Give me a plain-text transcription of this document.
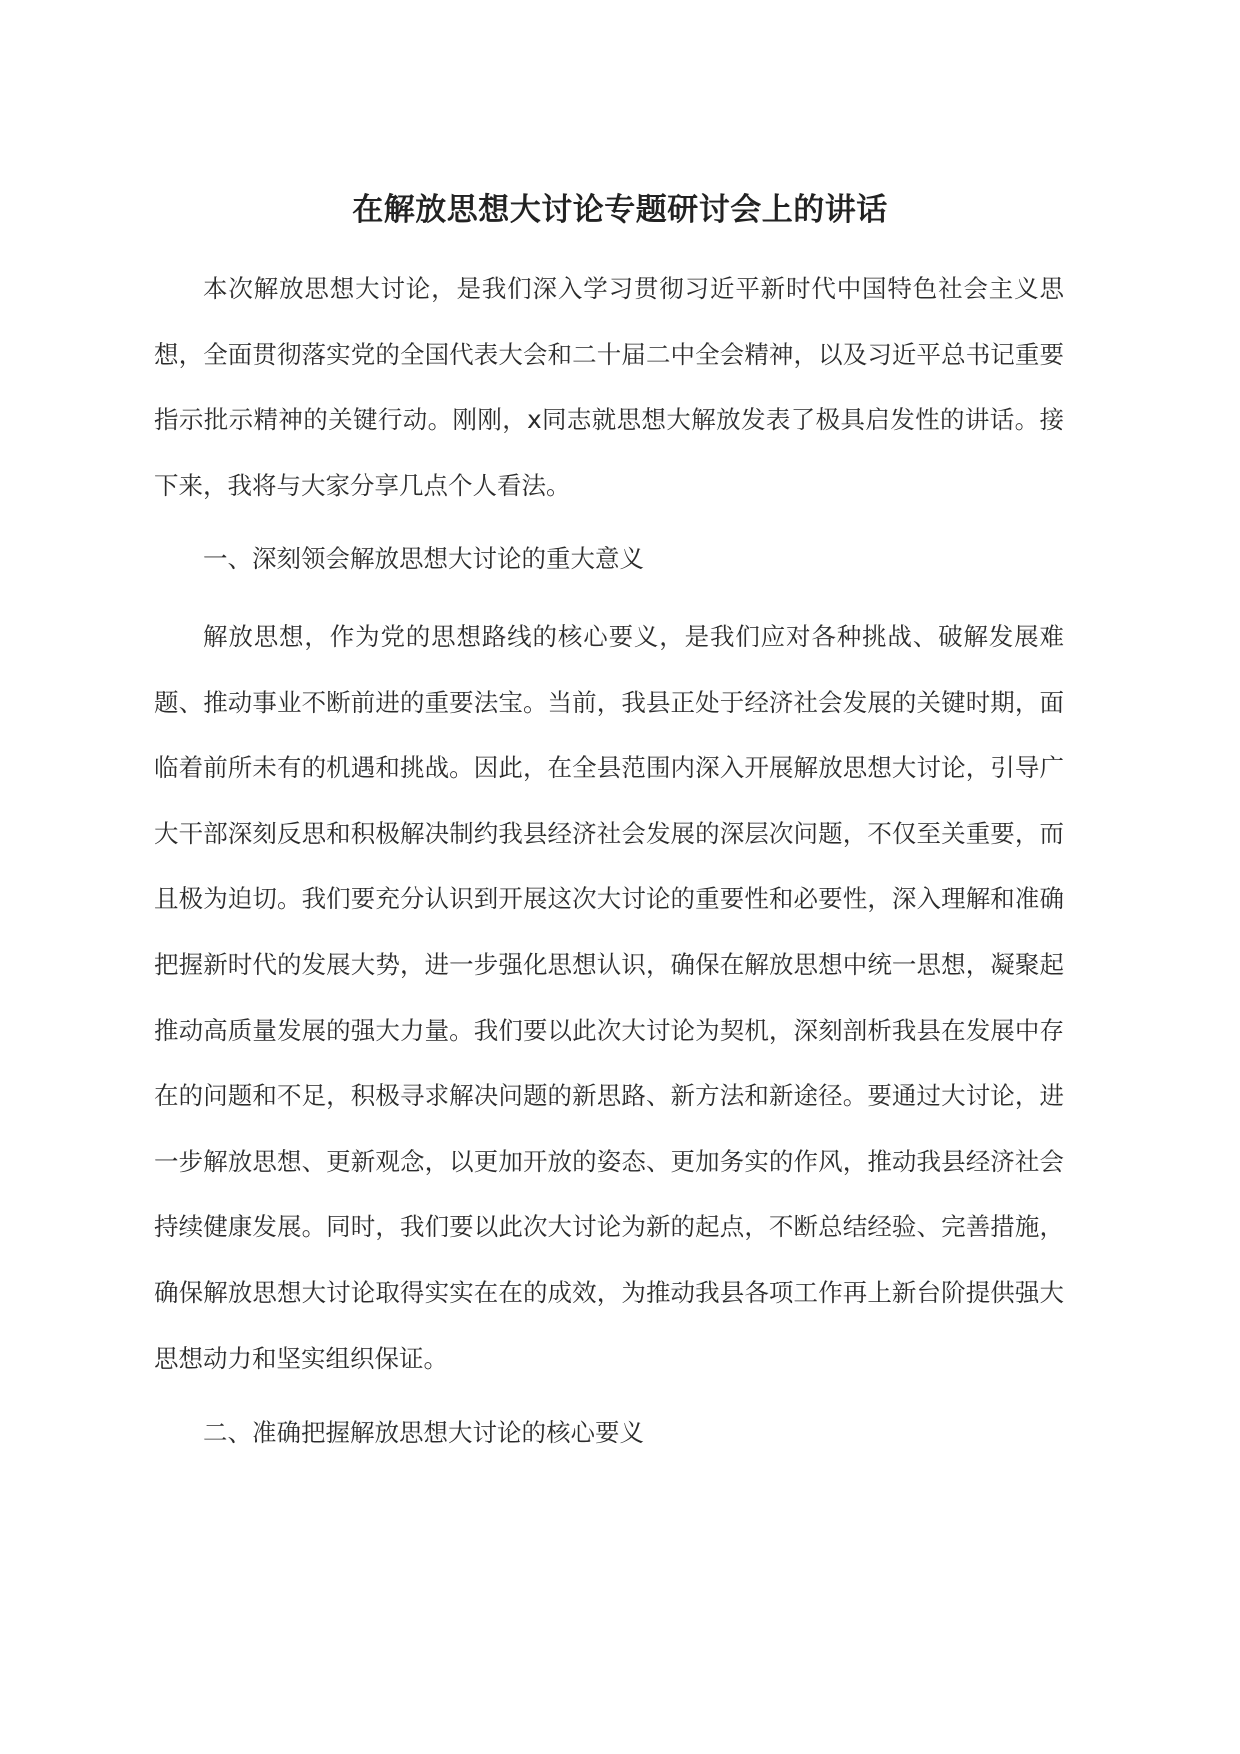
在解放思想大讨论专题研讨会上的讲话

本次解放思想大讨论，是我们深入学习贯彻习近平新时代中国特色社会主义思想，全面贯彻落实党的全国代表大会和二十届二中全会精神，以及习近平总书记重要指示批示精神的关键行动。刚刚，x同志就思想大解放发表了极具启发性的讲话。接下来，我将与大家分享几点个人看法。

一、深刻领会解放思想大讨论的重大意义

解放思想，作为党的思想路线的核心要义，是我们应对各种挑战、破解发展难题、推动事业不断前进的重要法宝。当前，我县正处于经济社会发展的关键时期，面临着前所未有的机遇和挑战。因此，在全县范围内深入开展解放思想大讨论，引导广大干部深刻反思和积极解决制约我县经济社会发展的深层次问题，不仅至关重要，而且极为迫切。我们要充分认识到开展这次大讨论的重要性和必要性，深入理解和准确把握新时代的发展大势，进一步强化思想认识，确保在解放思想中统一思想，凝聚起推动高质量发展的强大力量。我们要以此次大讨论为契机，深刻剖析我县在发展中存在的问题和不足，积极寻求解决问题的新思路、新方法和新途径。要通过大讨论，进一步解放思想、更新观念，以更加开放的姿态、更加务实的作风，推动我县经济社会持续健康发展。同时，我们要以此次大讨论为新的起点，不断总结经验、完善措施，确保解放思想大讨论取得实实在在的成效，为推动我县各项工作再上新台阶提供强大思想动力和坚实组织保证。

二、准确把握解放思想大讨论的核心要义
